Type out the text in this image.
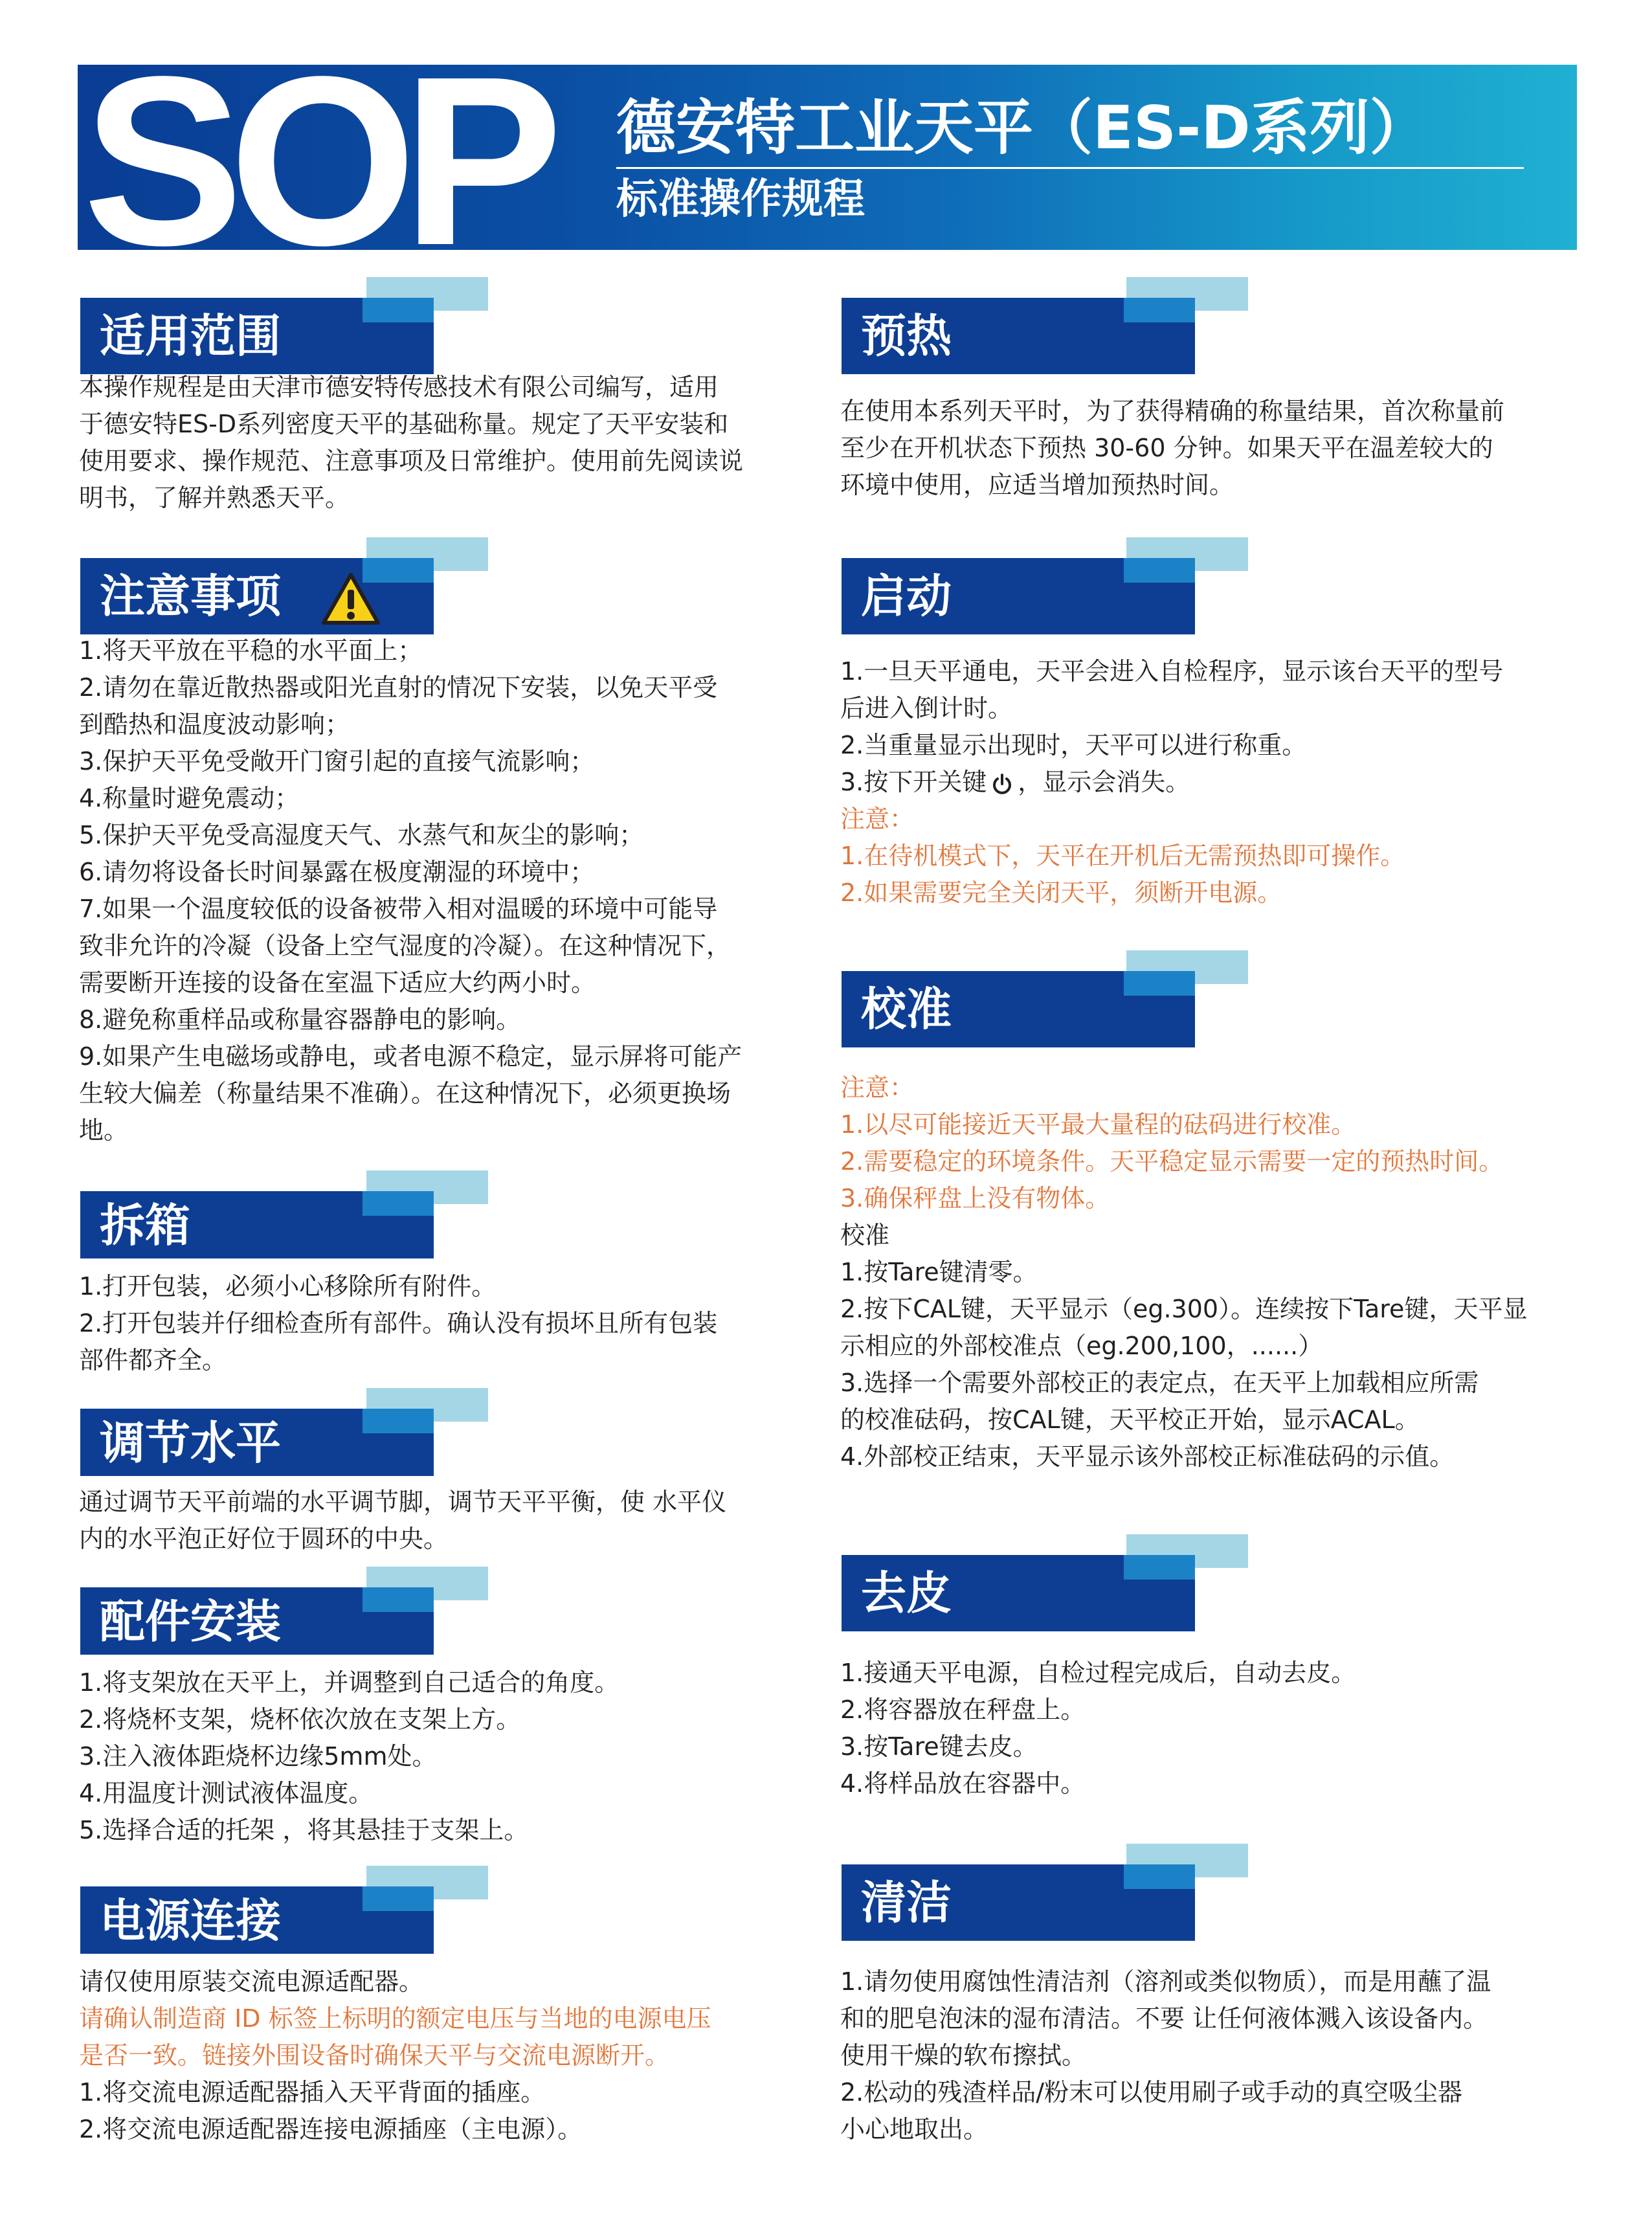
SOP 德安特工业天平（ES-D系列）
标准操作规程
适用范围

本操作规程是由天津市德安特传感技术有限公司编写，适用

于德安特ES-D系列密度天平的基础称量。规定了天平安装和

使用要求、操作规范、注意事项及日常维护。使用前先阅读说

明书，了解并熟悉天平。

注意事项

1.将天平放在平稳的水平面上；

2.请勿在靠近散热器或阳光直射的情况下安装，以免天平受

到酷热和温度波动影响；

3.保护天平免受敞开门窗引起的直接气流影响；

4.称量时避免震动；

5.保护天平免受高湿度天气、水蒸气和灰尘的影响；

6.请勿将设备长时间暴露在极度潮湿的环境中；

7.如果一个温度较低的设备被带入相对温暖的环境中可能导

致非允许的冷凝（设备上空气湿度的冷凝）。在这种情况下，

需要断开连接的设备在室温下适应大约两小时。

8.避免称重样品或称量容器静电的影响。

9.如果产生电磁场或静电，或者电源不稳定，显示屏将可能产

生较大偏差（称量结果不准确）。在这种情况下，必须更换场

地。

拆箱

1.打开包装，必须小心移除所有附件。

2.打开包装并仔细检查所有部件。确认没有损坏且所有包装

部件都齐全。

调节水平

通过调节天平前端的水平调节脚，调节天平平衡，使 水平仪

内的水平泡正好位于圆环的中央。

配件安装

1.将支架放在天平上，并调整到自己适合的角度。

2.将烧杯支架，烧杯依次放在支架上方。

3.注入液体距烧杯边缘5mm处。

4.用温度计测试液体温度。

5.选择合适的托架 ，将其悬挂于支架上。

电源连接

请仅使用原装交流电源适配器。

请确认制造商 ID 标签上标明的额定电压与当地的电源电压

是否一致。链接外围设备时确保天平与交流电源断开。

1.将交流电源适配器插入天平背面的插座。

2.将交流电源适配器连接电源插座（主电源）。

预热

在使用本系列天平时，为了获得精确的称量结果，首次称量前

至少在开机状态下预热 30-60 分钟。如果天平在温差较大的

环境中使用，应适当增加预热时间。

启动

1.一旦天平通电，天平会进入自检程序，显示该台天平的型号

后进入倒计时。

2.当重量显示出现时，天平可以进行称重。

3.按下开关键 ，显示会消失。

注意：

1.在待机模式下，天平在开机后无需预热即可操作。

2.如果需要完全关闭天平，须断开电源。

校准

注意：

1.以尽可能接近天平最大量程的砝码进行校准。

2.需要稳定的环境条件。天平稳定显示需要一定的预热时间。

3.确保秤盘上没有物体。

校准

1.按Tare键清零。

2.按下CAL键，天平显示（eg.300）。连续按下Tare键，天平显

示相应的外部校准点（eg.200,100，......）

3.选择一个需要外部校正的表定点，在天平上加载相应所需

的校准砝码，按CAL键，天平校正开始，显示ACAL。

4.外部校正结束，天平显示该外部校正标准砝码的示值。

去皮

1.接通天平电源，自检过程完成后，自动去皮。

2.将容器放在秤盘上。

3.按Tare键去皮。

4.将样品放在容器中。

清洁

1.请勿使用腐蚀性清洁剂（溶剂或类似物质），而是用蘸了温

和的肥皂泡沫的湿布清洁。不要 让任何液体溅入该设备内。

使用干燥的软布擦拭。

2.松动的残渣样品/粉末可以使用刷子或手动的真空吸尘器

小心地取出。
